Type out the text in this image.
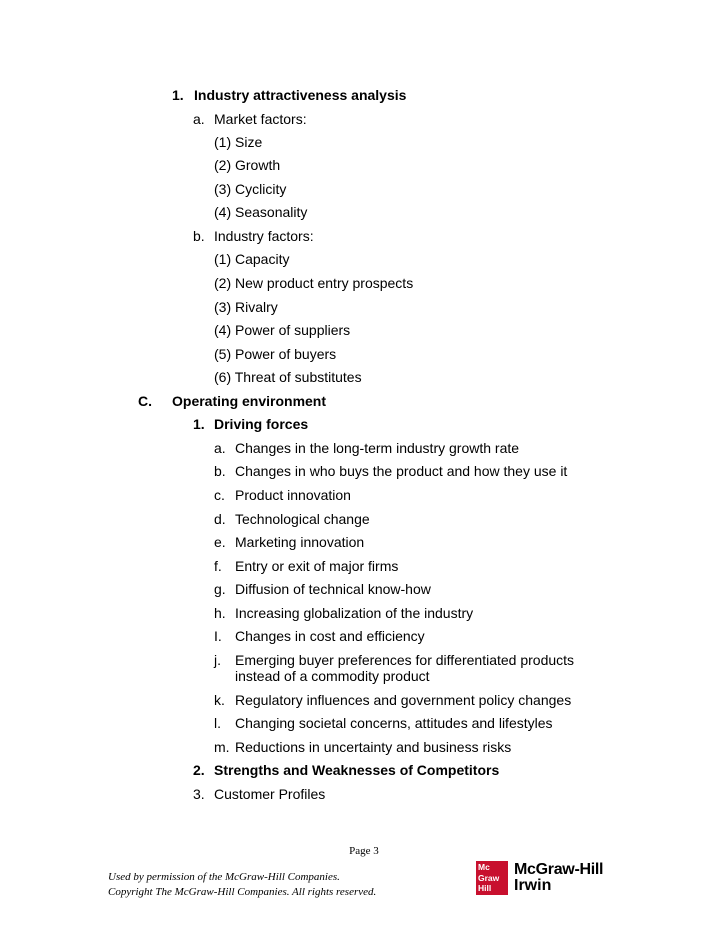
1. Industry attractiveness analysis
a. Market factors:
(1) Size
(2) Growth
(3) Cyclicity
(4) Seasonality
b. Industry factors:
(1) Capacity
(2) New product entry prospects
(3) Rivalry
(4) Power of suppliers
(5) Power of buyers
(6) Threat of substitutes
C. Operating environment
1. Driving forces
a. Changes in the long-term industry growth rate
b. Changes in who buys the product and how they use it
c. Product innovation
d. Technological change
e. Marketing innovation
f. Entry or exit of major firms
g. Diffusion of technical know-how
h. Increasing globalization of the industry
I. Changes in cost and efficiency
j. Emerging buyer preferences for differentiated products
instead of a commodity product
k. Regulatory influences and government policy changes
l. Changing societal concerns, attitudes and lifestyles
m. Reductions in uncertainty and business risks
2. Strengths and Weaknesses of Competitors
3. Customer Profiles
Page 3
Used by permission of the McGraw-Hill Companies.
Copyright The McGraw-Hill Companies. All rights reserved.
Mc
Graw
Hill
McGraw-Hill
Irwin
